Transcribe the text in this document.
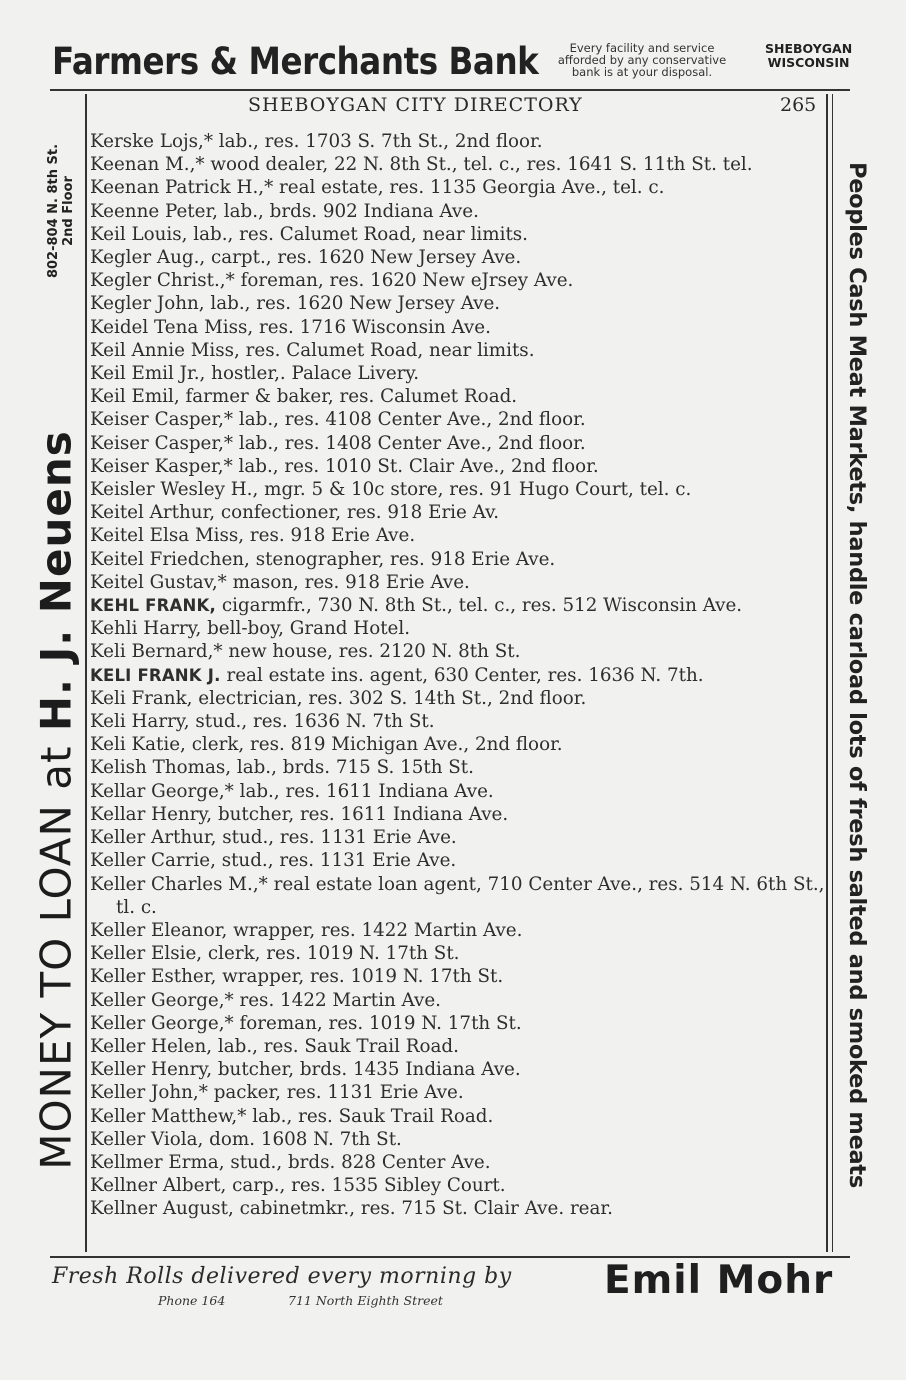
Farmers & Merchants Bank	Every facility and service
afforded by any conservative
bank is at your disposal.
SHEBOYGAN
WISCONSIN
802-804 N. 8th St. 2nd Floor
MONEY TO LOAN at H. J. Neuens	Peoples Cash Meat Markets, handle carload lots of fresh salted and smoked meats
SHEBOYGAN CITY DIRECTORY	265
Kerske Lojs,* lab., res. 1703 S. 7th St., 2nd floor.
Keenan M.,* wood dealer, 22 N. 8th St., tel. c., res. 1641 S. 11th St. tel.
Keenan Patrick H.,* real estate, res. 1135 Georgia Ave., tel. c.
Keenne Peter, lab., brds. 902 Indiana Ave.
Keil Louis, lab., res. Calumet Road, near limits.
Kegler Aug., carpt., res. 1620 New Jersey Ave.
Kegler Christ.,* foreman, res. 1620 New eJrsey Ave.
Kegler John, lab., res. 1620 New Jersey Ave.
Keidel Tena Miss, res. 1716 Wisconsin Ave.
Keil Annie Miss, res. Calumet Road, near limits.
Keil Emil Jr., hostler,. Palace Livery.
Keil Emil, farmer & baker, res. Calumet Road.
Keiser Casper,* lab., res. 4108 Center Ave., 2nd floor.
Keiser Casper,* lab., res. 1408 Center Ave., 2nd floor.
Keiser Kasper,* lab., res. 1010 St. Clair Ave., 2nd floor.
Keisler Wesley H., mgr. 5 & 10c store, res. 91 Hugo Court, tel. c.
Keitel Arthur, confectioner, res. 918 Erie Av.
Keitel Elsa Miss, res. 918 Erie Ave.
Keitel Friedchen, stenographer, res. 918 Erie Ave.
Keitel Gustav,* mason, res. 918 Erie Ave.
KEHL FRANK, cigarmfr., 730 N. 8th St., tel. c., res. 512 Wisconsin Ave.
Kehli Harry, bell-boy, Grand Hotel.
Keli Bernard,* new house, res. 2120 N. 8th St.
KELI FRANK J. real estate ins. agent, 630 Center, res. 1636 N. 7th.
Keli Frank, electrician, res. 302 S. 14th St., 2nd floor.
Keli Harry, stud., res. 1636 N. 7th St.
Keli Katie, clerk, res. 819 Michigan Ave., 2nd floor.
Kelish Thomas, lab., brds. 715 S. 15th St.
Kellar George,* lab., res. 1611 Indiana Ave.
Kellar Henry, butcher, res. 1611 Indiana Ave.
Keller Arthur, stud., res. 1131 Erie Ave.
Keller Carrie, stud., res. 1131 Erie Ave.
Keller Charles M.,* real estate loan agent, 710 Center Ave., res. 514 N. 6th St., tl. c.
Keller Eleanor, wrapper, res. 1422 Martin Ave.
Keller Elsie, clerk, res. 1019 N. 17th St.
Keller Esther, wrapper, res. 1019 N. 17th St.
Keller George,* res. 1422 Martin Ave.
Keller George,* foreman, res. 1019 N. 17th St.
Keller Helen, lab., res. Sauk Trail Road.
Keller Henry, butcher, brds. 1435 Indiana Ave.
Keller John,* packer, res. 1131 Erie Ave.
Keller Matthew,* lab., res. Sauk Trail Road.
Keller Viola, dom. 1608 N. 7th St.
Kellmer Erma, stud., brds. 828 Center Ave.
Kellner Albert, carp., res. 1535 Sibley Court.
Kellner August, cabinetmkr., res. 715 St. Clair Ave. rear.
Fresh Rolls delivered every morning by
Phone 164	711 North Eighth Street	Emil Mohr
